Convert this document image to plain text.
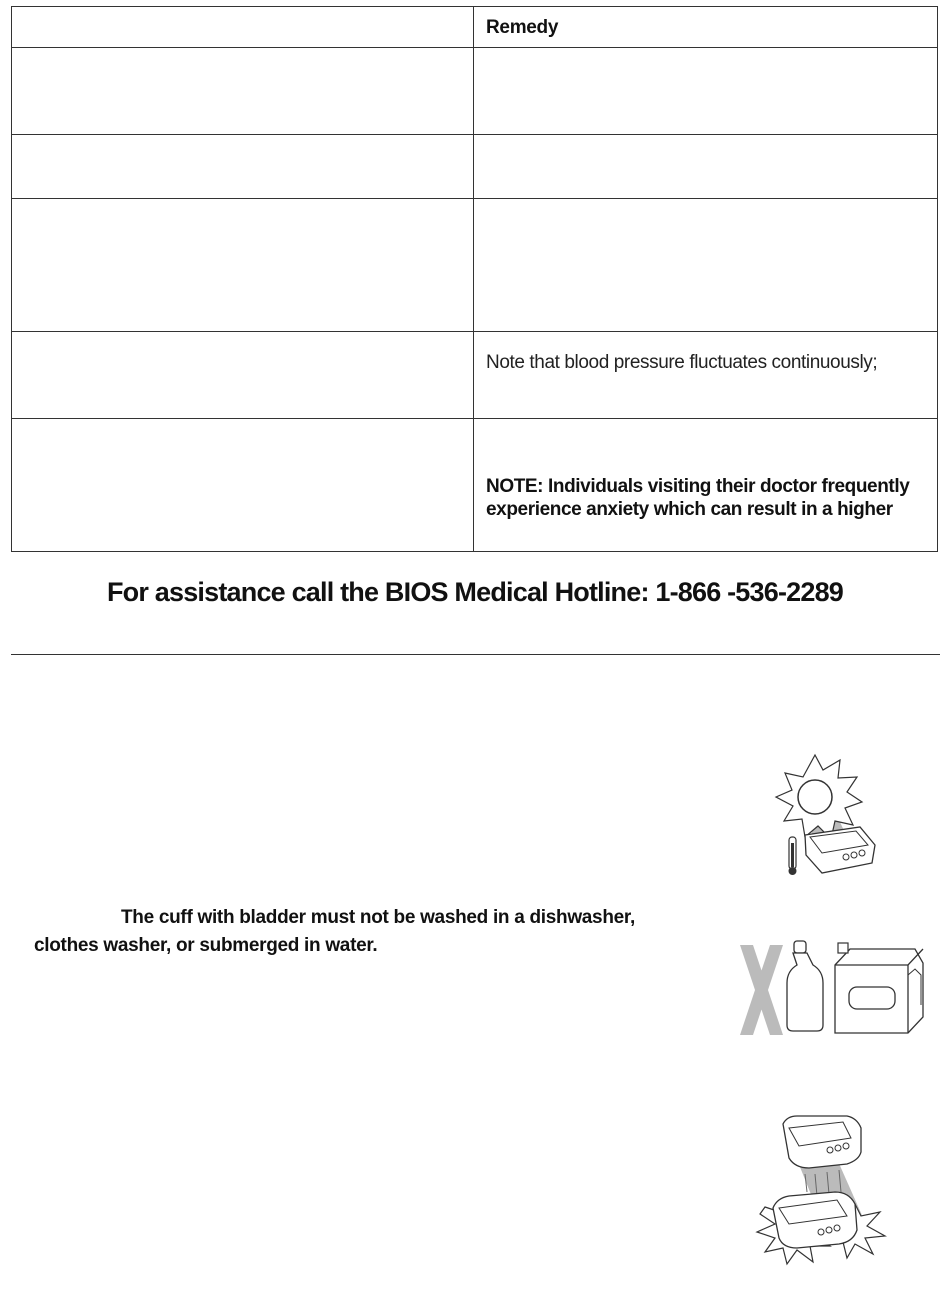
	Remedy

	Note that blood pressure fluctuates continuously;

	NOTE: Individuals visiting their doctor frequently experience anxiety which can result in a higher
For assistance call the BIOS Medical Hotline: 1-866 -536-2289
The cuff with bladder must not be washed in a dishwasher, clothes washer, or submerged in water.
